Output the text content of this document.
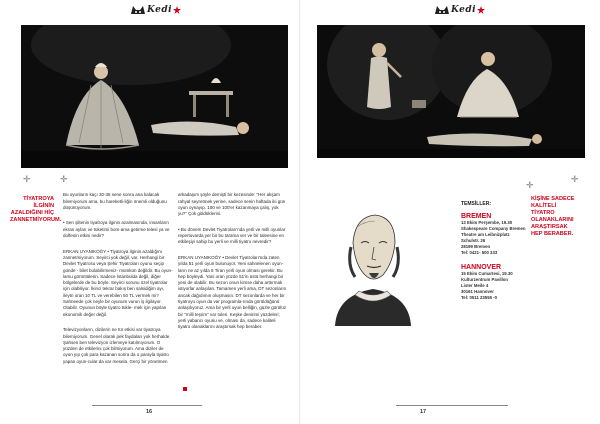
Kedi
✛
✛
TİYATROYA İLGİNİN AZALDIĞINI HİÇ ZANNETMİYORUM.

Bu oyunların kaçı 30-35 sene sonra ana kalacak bilemiyorum ama, bu hareketli-liğin önemli olduğunu düşünüyorum.

• Sen şiltenin tiyatroya ilginin azalmasında, insanların ekran ayları ve tüketimi bom-ama getirme telesi ya ve dolfenin etkisi nedir?

ERKAN UYANIKOĞY • Tiyatroya ilginin azaldığını zannetmiyorum. Seyirci yok değil, var. Herhangi bir Devlet Tiyatrosu veya Şehir Tiyatroları oyunu seçip günde - bilet bulabilirmeniz- mümkün değildir. Bu oyun-lamu görüntülerin. Sadece İstanbulda değil, diğer bölgelerde de bu böyle. Seyirci sorunu özel tiyatrolar için olabiliyor. İkinci tekrar bakış ben salsidiğim ayı, ileytri oran 10 TL ve verebilen 50 TL vermek mi? Sahneede çok neyle bir oyunum vurun iş ilgilayor. Olabilir. Oyunun böyle tiyatro tükle- mek için yapılan ekonomik değer değil.

Televizyonların, dizilerin ne tür etkisi var tiyatroya bilemiyorum. Genel olarak pek faydaları yok herhalde. Şahsen ben televizyon izlemeye katılmıyorum. O yüzden de etkilerini çok bilmiyorum. Ama diziler de oyun yıp çok para kazanan sonra da o parayla tiyatro yapan oyun-cular da var mesela. Gerçi bir yönetmen

arkadaşım şöyle demişti bir kezesinde: "Her akşam rahyal seyretmek yerine, sadece senin haftada iki gün oyun oynayıp, 100 ve 100'er kazanmaya çalış, yok yu?" Çok güldüklerini.

• Bu dönem Devlet Tiyatroları'nda yerli ve milli oyunlar repertuvarda yer bir bu tarama ver ve bir taleesine en etkileşiyi sahip bu yerli ve milli tiyatro nevredir?

ERKAN UYANIKOĞY • Devlet Tiyatroları'nda zaten yılda 51 yerli oyun bulunuyor. Yeni sahnelenen oyun-ların ne az yılda 5 Tiran yerli oyun olması gerekir. Bu hep böyleydi. Yani oran yüzde 51'in üstü herhangi bir yeni de olabilir. Bu sezon onun kimse daha arttırmak istiyorlar anlaşılan. Tamamen yerli ama, DT sezonların ancak dağıdımın oluşmasın. DT sezonlarda ve her bir tiyatroyu oyun da var programla-rında görüldüğünü anlaşılıyoruz. Ama bir yerli oyun belliğin, güzle görülüz bir "milli teşrim" var toleri. Keşke denirimi yüzdeleri; yerli yabancı oyunu ve, olması da, sadece kaliteli tiyatro olanaklarını araştırsak hep beraber.

16
Kedi
✛
✛
TEMSİLLER:
BREMEN
13 Ekim Perşembe, 19.30
Shakespeare Company Bremen
Theatre am Leibnizplatz
Schulstr. 26
28199 Bremen
Tel: 0421- 500 333
HANNOVER
15 Ekim Cumartesi, 19.30
Kulturzentrum Pavillon
Lister Meile 4
30161 Hannover
Tel: 0511 23555 -0
KİŞİNE SADECE KALİTELİ TİYATRO OLANAKLARINI ARAŞTIRSAK HEP BERABER.
17
